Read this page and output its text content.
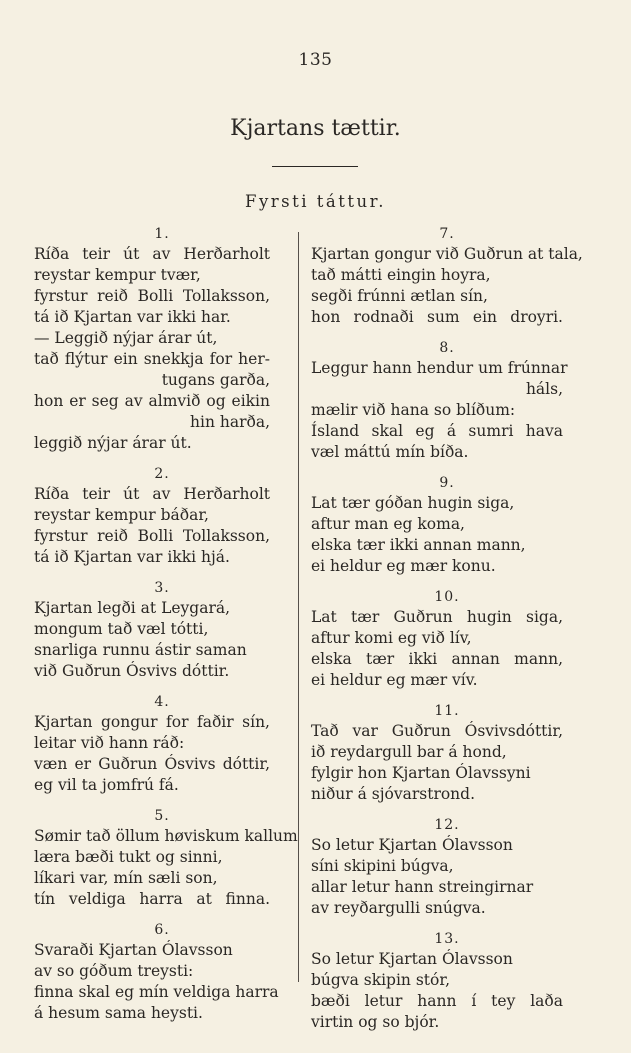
135
Kjartans tættir.
Fyrsti táttur.
1.
Ríða teir út av Herðarholt
reystar kempur tvær,
fyrstur reið Bolli Tollaksson,
tá ið Kjartan var ikki har.
— Leggið nýjar árar út,
tað flýtur ein snekkja for her-
tugans garða,
hon er seg av almvið og eikin
hin harða,
leggið nýjar árar út.
2.
Ríða teir út av Herðarholt
reystar kempur báðar,
fyrstur reið Bolli Tollaksson,
tá ið Kjartan var ikki hjá.
3.
Kjartan legði at Leygará,
mongum tað væl tótti,
snarliga runnu ástir saman
við Guðrun Ósvivs dóttir.
4.
Kjartan gongur for faðir sín,
leitar við hann ráð:
væn er Guðrun Ósvivs dóttir,
eg vil ta jomfrú fá.
5.
Sømir tað öllum høviskum kallum
læra bæði tukt og sinni,
líkari var, mín sæli son,
tín veldiga harra at finna.
6.
Svaraði Kjartan Ólavsson
av so góðum treysti:
finna skal eg mín veldiga harra
á hesum sama heysti.
7.
Kjartan gongur við Guðrun at tala,
tað mátti eingin hoyra,
segði frúnni ætlan sín,
hon rodnaði sum ein droyri.
8.
Leggur hann hendur um frúnnar
háls,
mælir við hana so blíðum:
Ísland skal eg á sumri hava
væl máttú mín bíða.
9.
Lat tær góðan hugin siga,
aftur man eg koma,
elska tær ikki annan mann,
ei heldur eg mær konu.
10.
Lat tær Guðrun hugin siga,
aftur komi eg við lív,
elska tær ikki annan mann,
ei heldur eg mær vív.
11.
Tað var Guðrun Ósvivsdóttir,
ið reydargull bar á hond,
fylgir hon Kjartan Ólavssyni
niður á sjóvarstrond.
12.
So letur Kjartan Ólavsson
síni skipini búgva,
allar letur hann streingirnar
av reyðargulli snúgva.
13.
So letur Kjartan Ólavsson
búgva skipin stór,
bæði letur hann í tey laða
virtin og so bjór.
